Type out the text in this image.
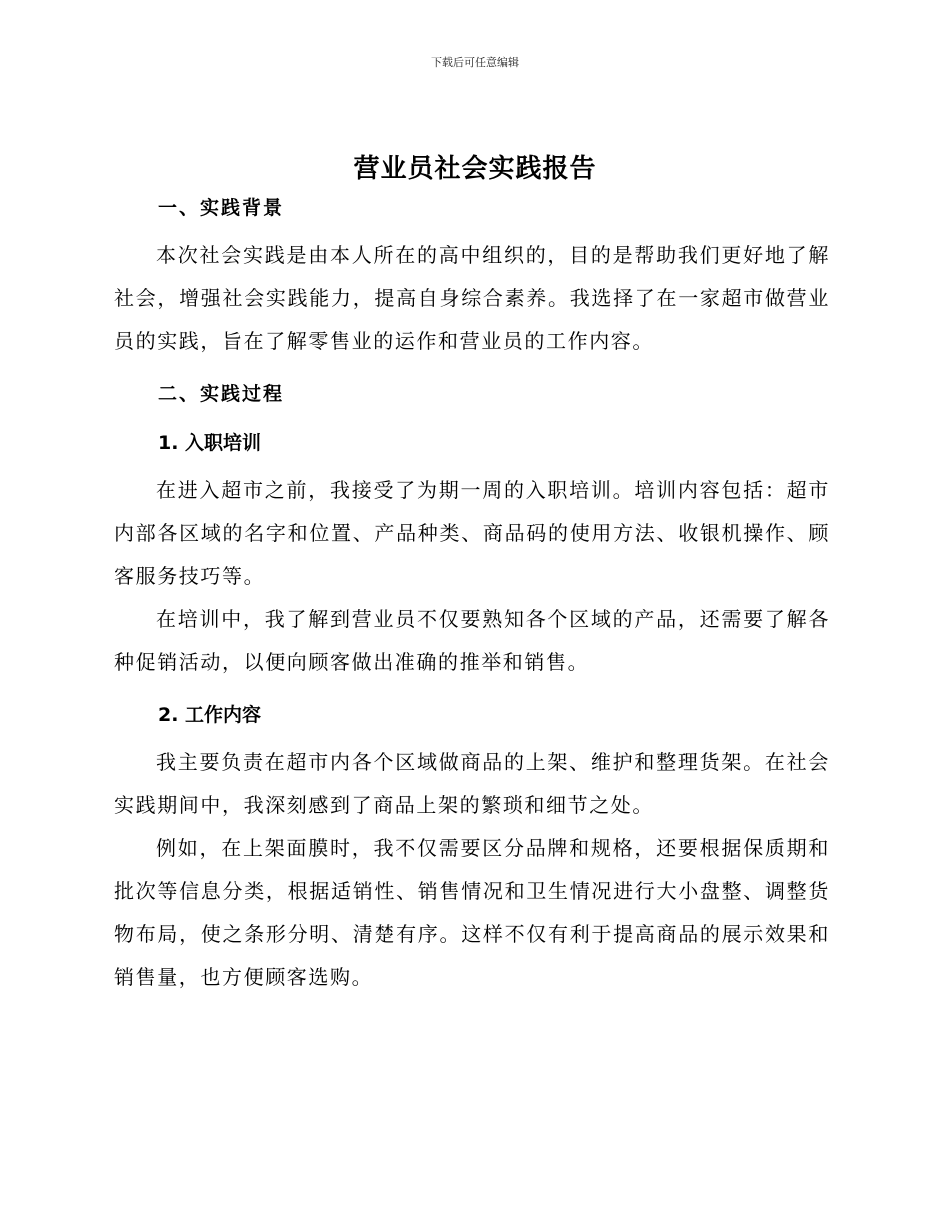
下载后可任意编辑
营业员社会实践报告
一、实践背景

本次社会实践是由本人所在的高中组织的，目的是帮助我们更好地了解社会，增强社会实践能力，提高自身综合素养。我选择了在一家超市做营业员的实践，旨在了解零售业的运作和营业员的工作内容。

二、实践过程
1. 入职培训

在进入超市之前，我接受了为期一周的入职培训。培训内容包括：超市内部各区域的名字和位置、产品种类、商品码的使用方法、收银机操作、顾客服务技巧等。

在培训中，我了解到营业员不仅要熟知各个区域的产品，还需要了解各种促销活动，以便向顾客做出准确的推举和销售。

2. 工作内容

我主要负责在超市内各个区域做商品的上架、维护和整理货架。在社会实践期间中，我深刻感到了商品上架的繁琐和细节之处。

例如，在上架面膜时，我不仅需要区分品牌和规格，还要根据保质期和批次等信息分类，根据适销性、销售情况和卫生情况进行大小盘整、调整货物布局，使之条形分明、清楚有序。这样不仅有利于提高商品的展示效果和销售量，也方便顾客选购。
